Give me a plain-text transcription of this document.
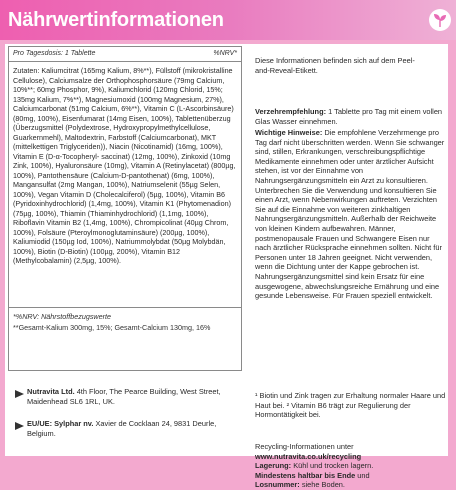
Nährwertinformationen
Pro Tagesdosis: 1 Tablette	%NRV*

Zutaten: Kaliumcitrat (165mg Kalium, 8%**), Füllstoff (mikrokristalline Cellulose), Calciumsalze der Orthophosphorsäure (79mg Calcium, 10%**; 60mg Phosphor, 9%), Kaliumchlorid (120mg Chlorid, 15%; 135mg Kalium, 7%**), Magnesiumoxid (100mg Magnesium, 27%), Calciumcarbonat (51mg Calcium, 6%**), Vitamin C (L-Ascorbinsäure) (80mg, 100%), Eisenfumarat (14mg Eisen, 100%), Tablettenüberzug (Überzugsmittel (Polydextrose, Hydroxypropylmethylcellulose, Guarkernmehl), Maltodextrin, Farbstoff (Calciumcarbonat), MKT (mittelkettigen Triglyceriden)), Niacin (Nicotinamid) (16mg, 100%), Vitamin E (D-α-Tocopheryl- saccinat) (12mg, 100%), Zinkoxid (10mg Zink, 100%), Hyaluronsäure (10mg), Vitamin A (Retinylacetat) (800µg, 100%), Pantothensäure (Calcium-D-pantothenat) (6mg, 100%), Mangansulfat (2mg Mangan, 100%), Natriumselenit (55µg Selen, 100%), Vegan Vitamin D (Cholecalciferol) (5µg, 100%), Vitamin B6 (Pyridoxinhydrochlorid) (1,4mg, 100%), Vitamin K1 (Phytomenadion) (75µg, 100%), Thiamin (Thiaminhydrochlorid) (1,1mg, 100%), Riboflavin Vitamin B2 (1,4mg, 100%), Chrompicolinat (40µg Chrom, 100%), Folsäure (Pteroylmonoglutaminsäure) (200µg, 100%), Kaliumiodid (150µg Iod, 100%), Natriummolybdat (50µg Molybdän, 100%), Biotin (D-Biotin) (100µg, 200%), Vitamin B12 (Methylcobalamin) (2,5µg, 100%).

*%NRV: Nährstoffbezugswerte

**Gesamt-Kalium 300mg, 15%; Gesamt-Calcium 130mg, 16%

Nutravita Ltd. 4th Floor, The Pearce Building, West Street, Maidenhead SL6 1RL, UK.

EU/UE: Sylphar nv. Xavier de Cocklaan 24, 9831 Deurle, Belgium.

Diese Informationen befinden sich auf dem Peel-and-Reveal-Etikett.

Verzehrempfehlung: 1 Tablette pro Tag mit einem vollen Glas Wasser einnehmen.

Wichtige Hinweise: Die empfohlene Verzehrmenge pro Tag darf nicht überschritten werden. Wenn Sie schwanger sind, stillen, Erkrankungen, verschreibungspflichtige Medikamente einnehmen oder unter ärztlicher Aufsicht stehen, ist vor der Einnahme von Nahrungsergänzungsmitteln ein Arzt zu konsultieren. Unterbrechen Sie die Verwendung und konsultieren Sie einen Arzt, wenn Nebenwirkungen auftreten. Verzichten Sie auf die Einnahme von weiteren zinkhaltigen Nahrungsergänzungsmitteln. Außerhalb der Reichweite von kleinen Kindern aufbewahren. Männer, postmenopausale Frauen und Schwangere Eisen nur nach ärztlicher Rücksprache einnehmen sollten. Nicht für Personen unter 18 Jahren geeignet. Nicht verwenden, wenn die Dichtung unter der Kappe gebrochen ist. Nahrungsergänzungsmittel sind kein Ersatz für eine ausgewogene, abwechslungsreiche Ernährung und eine gesunde Lebensweise. Für Frauen speziell entwickelt.

¹ Biotin und Zink tragen zur Erhaltung normaler Haare und Haut bei. ² Vitamin B6 trägt zur Regulierung der Hormontätigkeit bei.

Recycling-Informationen unter
www.nutravita.co.uk/recycling
Lagerung: Kühl und trocken lagern.
Mindestens haltbar bis Ende und
Losnummer: siehe Boden.
